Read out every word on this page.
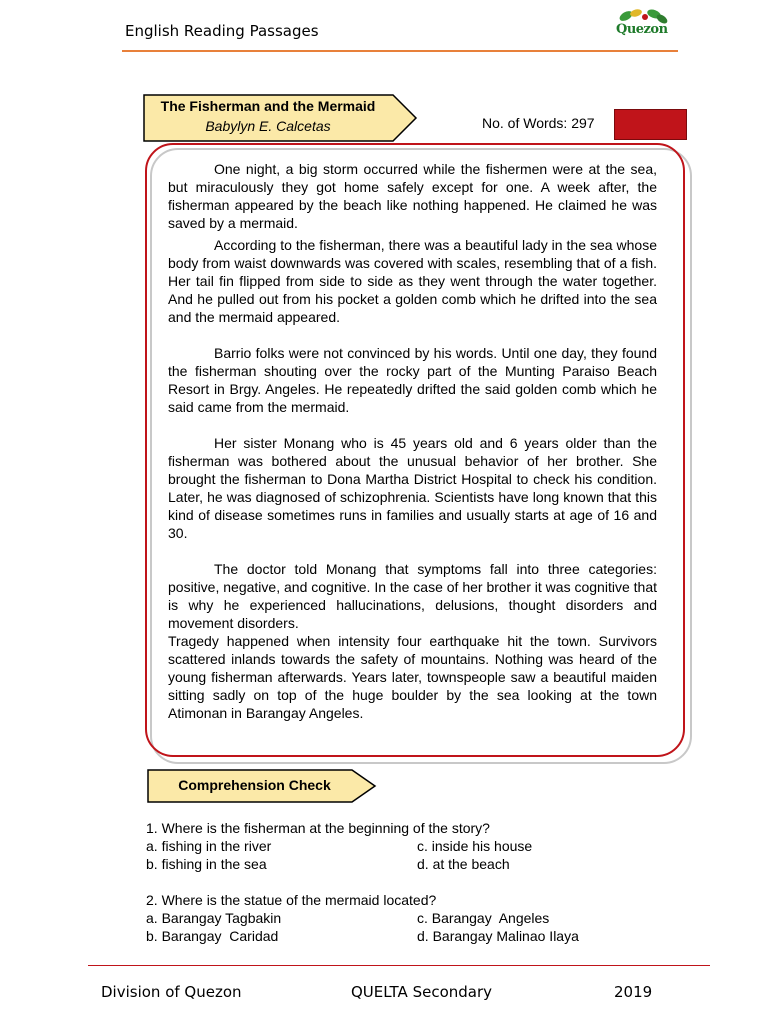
English Reading Passages	Quezon
The Fisherman and the Mermaid
Babylyn E. Calcetas	No. of Words: 297

One night, a big storm occurred while the fishermen were at the sea, but miraculously they got home safely except for one. A week after, the fisherman appeared by the beach like nothing happened. He claimed he was saved by a mermaid.

According to the fisherman, there was a beautiful lady in the sea whose body from waist downwards was covered with scales, resembling that of a fish. Her tail fin flipped from side to side as they went through the water together. And he pulled out from his pocket a golden comb which he drifted into the sea and the mermaid appeared.

Barrio folks were not convinced by his words. Until one day, they found the fisherman shouting over the rocky part of the Munting Paraiso Beach Resort in Brgy. Angeles. He repeatedly drifted the said golden comb which he said came from the mermaid.

Her sister Monang who is 45 years old and 6 years older than the fisherman was bothered about the unusual behavior of her brother. She brought the fisherman to Dona Martha District Hospital to check his condition. Later, he was diagnosed of schizophrenia. Scientists have long known that this kind of disease sometimes runs in families and usually starts at age of 16 and 30.

The doctor told Monang that symptoms fall into three categories: positive, negative, and cognitive. In the case of her brother it was cognitive that is why he experienced hallucinations, delusions, thought disorders and movement disorders.

Tragedy happened when intensity four earthquake hit the town. Survivors scattered inlands towards the safety of mountains. Nothing was heard of the young fisherman afterwards. Years later, townspeople saw a beautiful maiden sitting sadly on top of the huge boulder by the sea looking at the town Atimonan in Barangay Angeles.

Comprehension Check
1. Where is the fisherman at the beginning of the story?
a. fishing in the river	c. inside his house
b. fishing in the sea	d. at the beach
2. Where is the statue of the mermaid located?
a. Barangay Tagbakin	c. Barangay  Angeles
b. Barangay  Caridad	d. Barangay Malinao Ilaya
Division of Quezon	QUELTA Secondary	2019
